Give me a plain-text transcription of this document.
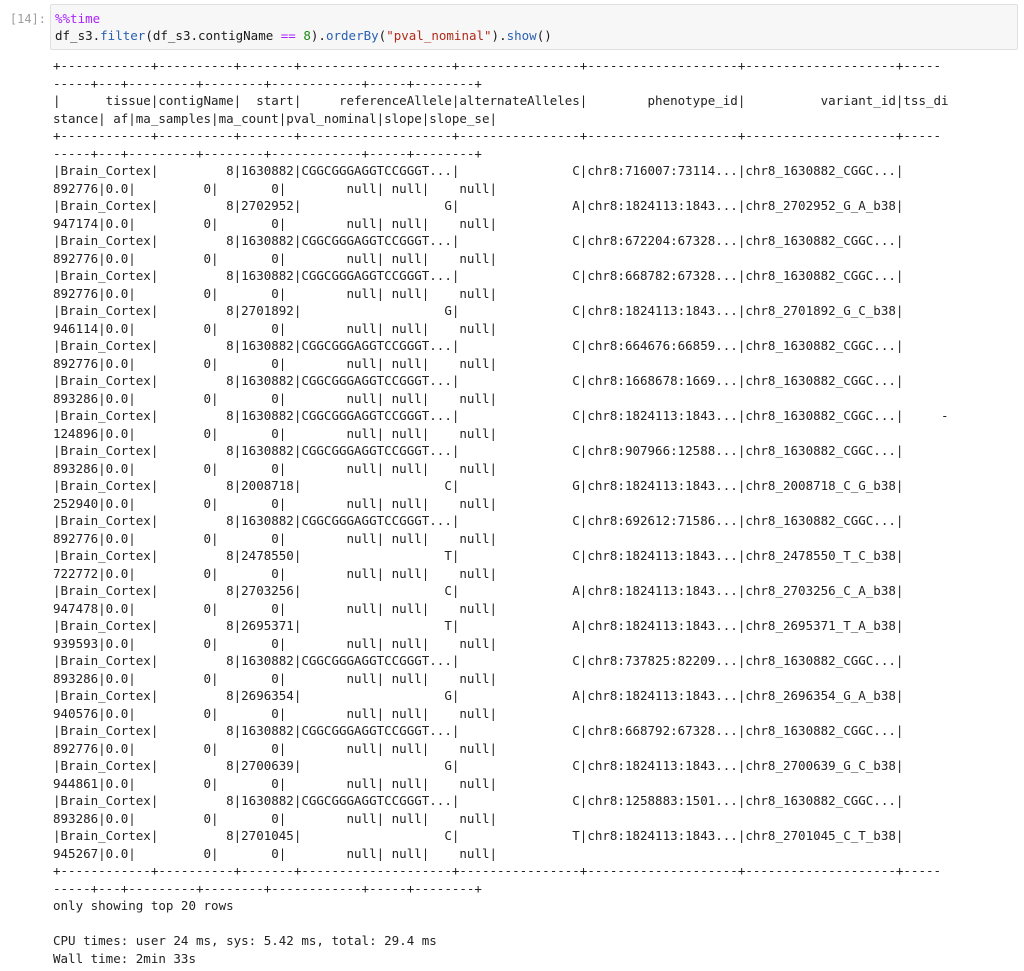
[14]: %%time
df_s3.filter(df_s3.contigName == 8).orderBy("pval_nominal").show()
+------------+----------+-------+--------------------+----------------+--------------------+--------------------+-----
-----+---+---------+--------+------------+-----+--------+
|      tissue|contigName|  start|     referenceAllele|alternateAlleles|        phenotype_id|          variant_id|tss_di
stance| af|ma_samples|ma_count|pval_nominal|slope|slope_se|
+------------+----------+-------+--------------------+----------------+--------------------+--------------------+-----
-----+---+---------+--------+------------+-----+--------+
|Brain_Cortex|         8|1630882|CGGCGGGAGGTCCGGGT...|               C|chr8:716007:73114...|chr8_1630882_CGGC...|
892776|0.0|         0|       0|        null| null|    null|
|Brain_Cortex|         8|2702952|                   G|               A|chr8:1824113:1843...|chr8_2702952_G_A_b38|
947174|0.0|         0|       0|        null| null|    null|
|Brain_Cortex|         8|1630882|CGGCGGGAGGTCCGGGT...|               C|chr8:672204:67328...|chr8_1630882_CGGC...|
892776|0.0|         0|       0|        null| null|    null|
|Brain_Cortex|         8|1630882|CGGCGGGAGGTCCGGGT...|               C|chr8:668782:67328...|chr8_1630882_CGGC...|
892776|0.0|         0|       0|        null| null|    null|
|Brain_Cortex|         8|2701892|                   G|               C|chr8:1824113:1843...|chr8_2701892_G_C_b38|
946114|0.0|         0|       0|        null| null|    null|
|Brain_Cortex|         8|1630882|CGGCGGGAGGTCCGGGT...|               C|chr8:664676:66859...|chr8_1630882_CGGC...|
892776|0.0|         0|       0|        null| null|    null|
|Brain_Cortex|         8|1630882|CGGCGGGAGGTCCGGGT...|               C|chr8:1668678:1669...|chr8_1630882_CGGC...|
893286|0.0|         0|       0|        null| null|    null|
|Brain_Cortex|         8|1630882|CGGCGGGAGGTCCGGGT...|               C|chr8:1824113:1843...|chr8_1630882_CGGC...|     -
124896|0.0|         0|       0|        null| null|    null|
|Brain_Cortex|         8|1630882|CGGCGGGAGGTCCGGGT...|               C|chr8:907966:12588...|chr8_1630882_CGGC...|
893286|0.0|         0|       0|        null| null|    null|
|Brain_Cortex|         8|2008718|                   C|               G|chr8:1824113:1843...|chr8_2008718_C_G_b38|
252940|0.0|         0|       0|        null| null|    null|
|Brain_Cortex|         8|1630882|CGGCGGGAGGTCCGGGT...|               C|chr8:692612:71586...|chr8_1630882_CGGC...|
892776|0.0|         0|       0|        null| null|    null|
|Brain_Cortex|         8|2478550|                   T|               C|chr8:1824113:1843...|chr8_2478550_T_C_b38|
722772|0.0|         0|       0|        null| null|    null|
|Brain_Cortex|         8|2703256|                   C|               A|chr8:1824113:1843...|chr8_2703256_C_A_b38|
947478|0.0|         0|       0|        null| null|    null|
|Brain_Cortex|         8|2695371|                   T|               A|chr8:1824113:1843...|chr8_2695371_T_A_b38|
939593|0.0|         0|       0|        null| null|    null|
|Brain_Cortex|         8|1630882|CGGCGGGAGGTCCGGGT...|               C|chr8:737825:82209...|chr8_1630882_CGGC...|
893286|0.0|         0|       0|        null| null|    null|
|Brain_Cortex|         8|2696354|                   G|               A|chr8:1824113:1843...|chr8_2696354_G_A_b38|
940576|0.0|         0|       0|        null| null|    null|
|Brain_Cortex|         8|1630882|CGGCGGGAGGTCCGGGT...|               C|chr8:668792:67328...|chr8_1630882_CGGC...|
892776|0.0|         0|       0|        null| null|    null|
|Brain_Cortex|         8|2700639|                   G|               C|chr8:1824113:1843...|chr8_2700639_G_C_b38|
944861|0.0|         0|       0|        null| null|    null|
|Brain_Cortex|         8|1630882|CGGCGGGAGGTCCGGGT...|               C|chr8:1258883:1501...|chr8_1630882_CGGC...|
893286|0.0|         0|       0|        null| null|    null|
|Brain_Cortex|         8|2701045|                   C|               T|chr8:1824113:1843...|chr8_2701045_C_T_b38|
945267|0.0|         0|       0|        null| null|    null|
+------------+----------+-------+--------------------+----------------+--------------------+--------------------+-----
-----+---+---------+--------+------------+-----+--------+
only showing top 20 rows
CPU times: user 24 ms, sys: 5.42 ms, total: 29.4 ms
Wall time: 2min 33s
